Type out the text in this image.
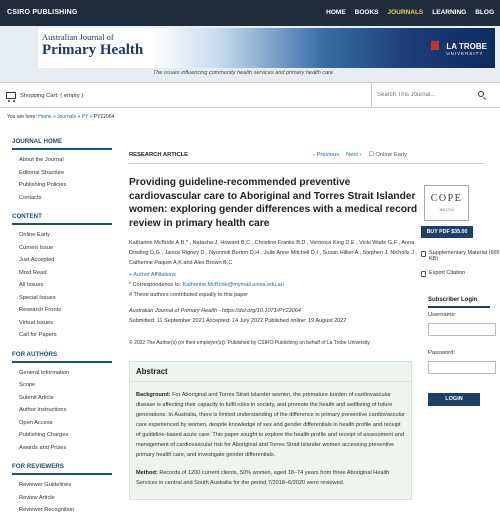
CSIRO PUBLISHING	HOME BOOKS JOURNALS LEARNING BLOG
Australian Journal of
Primary Health	LA TROBE
UNIVERSITY
The issues influencing community health services and primary health care
Shopping Cart: ( empty )
Search This Journal...
You are here: Home » Journals » PY » PY22064
JOURNAL HOME
About the Journal
Editorial Structure
Publishing Policies
Contacts
CONTENT
Online Early
Current Issue
Just Accepted
Most Read
All Issues
Special Issues
Research Fronts
Virtual Issues
Call for Papers
FOR AUTHORS
General Information
Scope
Submit Article
Author Instructions
Open Access
Publishing Charges
Awards and Prizes
FOR REVIEWERS
Reviewer Guidelines
Review Article
Reviewer Recognition
RESEARCH ARTICLE	‹ Previous Next › ☐ Online Early
Providing guideline-recommended preventive cardiovascular care to Aboriginal and Torres Strait Islander women: exploring gender differences with a medical record review in primary health care
Katharine McBride A,B,* , Natasha J. Howard B,C , Christine Franks B,D , Veronica King D,E , Vicki Wade G,F , Anna Dowling D,G , Janice Rigney D , Nyunmiti Burton D,H , Julie Anne Mitchell D,I , Susan Hillier A , Stephen J. Nicholls J , Catherine Paquet A,K and Alex Brown B,C
+ Author Affiliations
* Correspondence to: Katharine.McBride@mymail.unisa.edu.au
# These authors contributed equally to this paper
Australian Journal of Primary Health - https://doi.org/10.1071/PY22064
Submitted: 11 September 2021 Accepted: 14 July 2022 Published online: 19 August 2022
© 2022 The Author(s) (or their employer(s)). Published by CSIRO Publishing on behalf of La Trobe University
Abstract
Background: For Aboriginal and Torres Strait Islander women, the premature burden of cardiovascular disease is affecting their capacity to fulfil roles in society, and promote the health and wellbeing of future generations. In Australia, there is limited understanding of the difference in primary preventive cardiovascular care experienced by women, despite knowledge of sex and gender differentials in health profile and receipt of guideline-based acute care. This paper sought to explore the health profile and receipt of assessment and management of cardiovascular risk for Aboriginal and Torres Strait Islander women accessing preventive primary health care, and investigate gender differentials.
Method: Records of 1200 current clients, 50% women, aged 18–74 years from three Aboriginal Health Services in central and South Australia for the period 7/2018–6/2020 were reviewed.
COPE
JM12703
BUY PDF $35.00
Supplementary Material (665 KB)
Export Citation
Subscriber Login
Username:
Password:
LOGIN
